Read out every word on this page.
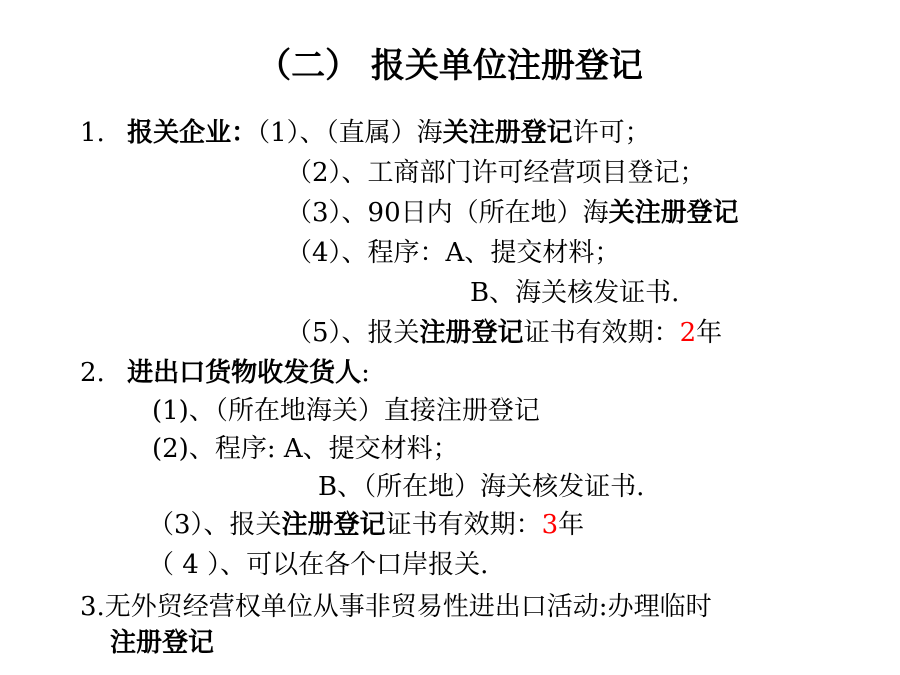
（二） 报关单位注册登记
1. 报关企业：（1）、（直属）海关注册登记许可；
（2）、工商部门许可经营项目登记；
（3）、90日内（所在地）海关注册登记
（4）、程序：A、提交材料；
B、海关核发证书.
（5）、报关注册登记证书有效期：2年
2. 进出口货物收发货人:
(1)、（所在地海关）直接注册登记
(2)、程序: A、提交材料；
B、（所在地）海关核发证书.
（3）、报关注册登记证书有效期：3年
（ 4 ）、可以在各个口岸报关.
3.无外贸经营权单位从事非贸易性进出口活动:办理临时
注册登记
